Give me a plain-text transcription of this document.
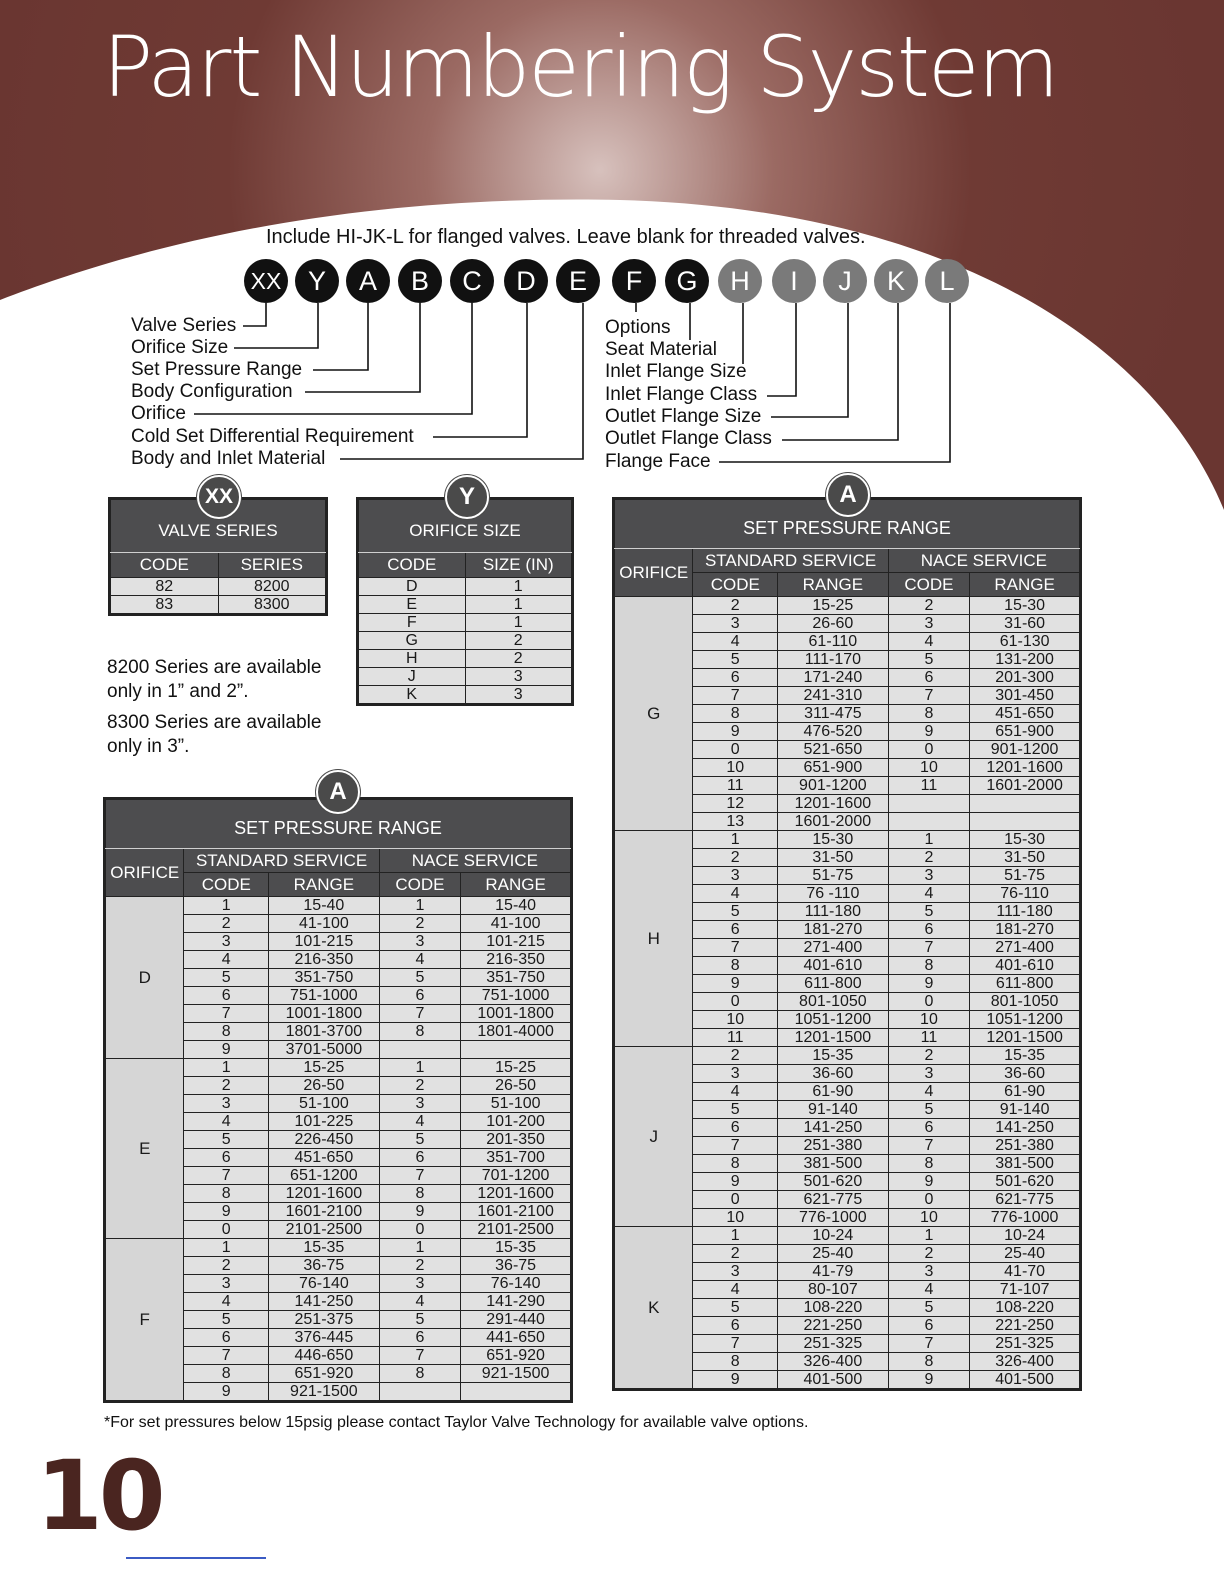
Part Numbering System
Include HI-JK-L for flanged valves. Leave blank for threaded valves.
XX Y	A	B	C	D	E	F	G	H	I	J	K	L
Valve Series
Orifice Size
Set Pressure Range
Body Configuration
Orifice
Cold Set Differential Requirement
Body and Inlet Material
Options
Seat Material
Inlet Flange Size
Inlet Flange Class
Outlet Flange Size
Outlet Flange Class
Flange Face
VALVE SERIES	
CODE	SERIES
82	8200
83	8300
XX
ORIFICE SIZE	
CODE	SIZE (IN)
D	1
E	1
F	1
G	2
H	2
J	3
K	3
Y
8200 Series are available only in 1” and 2”.
8300 Series are available only in 3”.
SET PRESSURE RANGE				
ORIFICE	STANDARD SERVICE		NACE SERVICE	
	CODE	RANGE	CODE	RANGE
D	1	15-40	1	15-40
	2	41-100	2	41-100
	3	101-215	3	101-215
	4	216-350	4	216-350
	5	351-750	5	351-750
	6	751-1000	6	751-1000
	7	1001-1800	7	1001-1800
	8	1801-3700	8	1801-4000
	9	3701-5000		
E	1	15-25	1	15-25
	2	26-50	2	26-50
	3	51-100	3	51-100
	4	101-225	4	101-200
	5	226-450	5	201-350
	6	451-650	6	351-700
	7	651-1200	7	701-1200
	8	1201-1600	8	1201-1600
	9	1601-2100	9	1601-2100
	0	2101-2500	0	2101-2500
F	1	15-35	1	15-35
	2	36-75	2	36-75
	3	76-140	3	76-140
	4	141-250	4	141-290
	5	251-375	5	291-440
	6	376-445	6	441-650
	7	446-650	7	651-920
	8	651-920	8	921-1500
	9	921-1500		
A
SET PRESSURE RANGE				
ORIFICE	STANDARD SERVICE		NACE SERVICE	
	CODE	RANGE	CODE	RANGE
G	2	15-25	2	15-30
	3	26-60	3	31-60
	4	61-110	4	61-130
	5	111-170	5	131-200
	6	171-240	6	201-300
	7	241-310	7	301-450
	8	311-475	8	451-650
	9	476-520	9	651-900
	0	521-650	0	901-1200
	10	651-900	10	1201-1600
	11	901-1200	11	1601-2000
	12	1201-1600		
	13	1601-2000		
H	1	15-30	1	15-30
	2	31-50	2	31-50
	3	51-75	3	51-75
	4	76 -110	4	76-110
	5	111-180	5	111-180
	6	181-270	6	181-270
	7	271-400	7	271-400
	8	401-610	8	401-610
	9	611-800	9	611-800
	0	801-1050	0	801-1050
	10	1051-1200	10	1051-1200
	11	1201-1500	11	1201-1500
J	2	15-35	2	15-35
	3	36-60	3	36-60
	4	61-90	4	61-90
	5	91-140	5	91-140
	6	141-250	6	141-250
	7	251-380	7	251-380
	8	381-500	8	381-500
	9	501-620	9	501-620
	0	621-775	0	621-775
	10	776-1000	10	776-1000
K	1	10-24	1	10-24
	2	25-40	2	25-40
	3	41-79	3	41-70
	4	80-107	4	71-107
	5	108-220	5	108-220
	6	221-250	6	221-250
	7	251-325	7	251-325
	8	326-400	8	326-400
	9	401-500	9	401-500
A
*For set pressures below 15psig please contact Taylor Valve Technology for available valve options.
10
